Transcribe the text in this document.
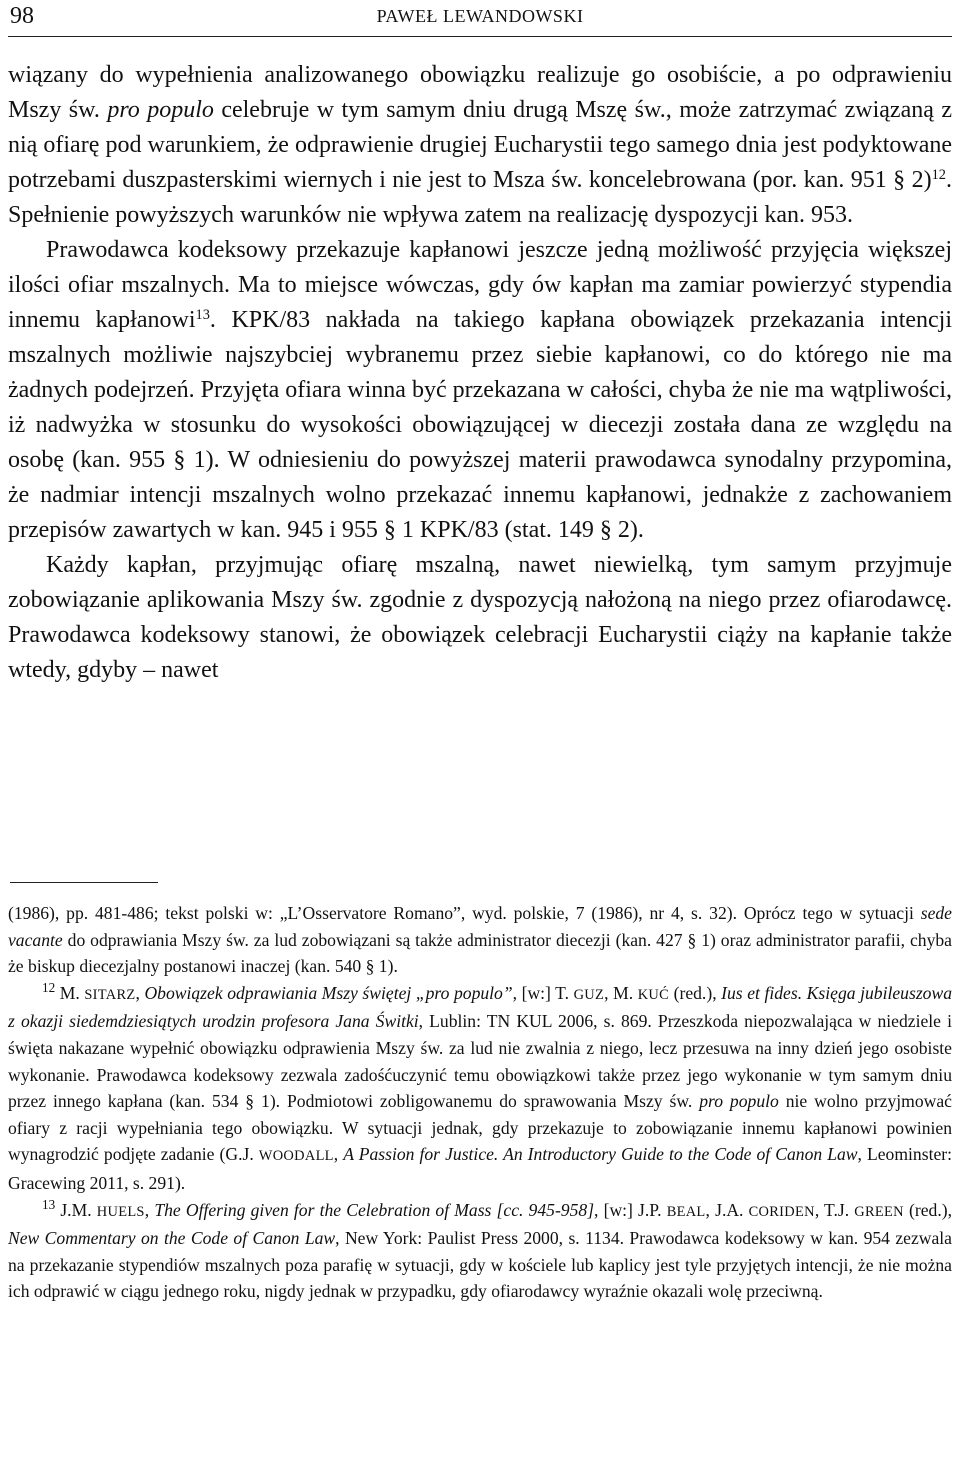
98	PAWEŁ LEWANDOWSKI

wiązany do wypełnienia analizowanego obowiązku realizuje go osobiście, a po odprawieniu Mszy św. pro populo celebruje w tym samym dniu drugą Mszę św., może zatrzymać związaną z nią ofiarę pod warunkiem, że odprawienie drugiej Eucharystii tego samego dnia jest podyktowane potrzebami duszpasterskimi wiernych i nie jest to Msza św. koncelebrowana (por. kan. 951 § 2)$^{12}$. Spełnienie powyższych warunków nie wpływa zatem na realizację dyspozycji kan. 953.

Prawodawca kodeksowy przekazuje kapłanowi jeszcze jedną możliwość przyjęcia większej ilości ofiar mszalnych. Ma to miejsce wówczas, gdy ów kapłan ma zamiar powierzyć stypendia innemu kapłanowi$^{13}$. KPK/83 nakłada na takiego kapłana obowiązek przekazania intencji mszalnych możliwie najszybciej wybranemu przez siebie kapłanowi, co do którego nie ma żadnych podejrzeń. Przyjęta ofiara winna być przekazana w całości, chyba że nie ma wątpliwości, iż nadwyżka w stosunku do wysokości obowiązującej w diecezji została dana ze względu na osobę (kan. 955 § 1). W odniesieniu do powyższej materii prawodawca synodalny przypomina, że nadmiar intencji mszalnych wolno przekazać innemu kapłanowi, jednakże z zachowaniem przepisów zawartych w kan. 945 i 955 § 1 KPK/83 (stat. 149 § 2).

Każdy kapłan, przyjmując ofiarę mszalną, nawet niewielką, tym samym przyjmuje zobowiązanie aplikowania Mszy św. zgodnie z dyspozycją nałożoną na niego przez ofiarodawcę. Prawodawca kodeksowy stanowi, że obowiązek celebracji Eucharystii ciąży na kapłanie także wtedy, gdyby – nawet

(1986), pp. 481-486; tekst polski w: „L’Osservatore Romano”, wyd. polskie, 7 (1986), nr 4, s. 32). Oprócz tego w sytuacji sede vacante do odprawiania Mszy św. za lud zobowiązani są także administrator diecezji (kan. 427 § 1) oraz administrator parafii, chyba że biskup diecezjalny postanowi inaczej (kan. 540 § 1).

$^{12}$ M. SITARZ, Obowiązek odprawiania Mszy świętej „pro populo”, [w:] T. GUZ, M. KUĆ (red.), Ius et fides. Księga jubileuszowa z okazji siedemdziesiątych urodzin profesora Jana Świtki, Lublin: TN KUL 2006, s. 869. Przeszkoda niepozwalająca w niedziele i święta nakazane wypełnić obowiązku odprawienia Mszy św. za lud nie zwalnia z niego, lecz przesuwa na inny dzień jego osobiste wykonanie. Prawodawca kodeksowy zezwala zadośćuczynić temu obowiązkowi także przez jego wykonanie w tym samym dniu przez innego kapłana (kan. 534 § 1). Podmiotowi zobligowanemu do sprawowania Mszy św. pro populo nie wolno przyjmować ofiary z racji wypełniania tego obowiązku. W sytuacji jednak, gdy przekazuje to zobowiązanie innemu kapłanowi powinien wynagrodzić podjęte zadanie (G.J. WOODALL, A Passion for Justice. An Introductory Guide to the Code of Canon Law, Leominster: Gracewing 2011, s. 291).

$^{13}$ J.M. HUELS, The Offering given for the Celebration of Mass [cc. 945-958], [w:] J.P. BEAL, J.A. CORIDEN, T.J. GREEN (red.), New Commentary on the Code of Canon Law, New York: Paulist Press 2000, s. 1134. Prawodawca kodeksowy w kan. 954 zezwala na przekazanie stypendiów mszalnych poza parafię w sytuacji, gdy w kościele lub kaplicy jest tyle przyjętych intencji, że nie można ich odprawić w ciągu jednego roku, nigdy jednak w przypadku, gdy ofiarodawcy wyraźnie okazali wolę przeciwną.
